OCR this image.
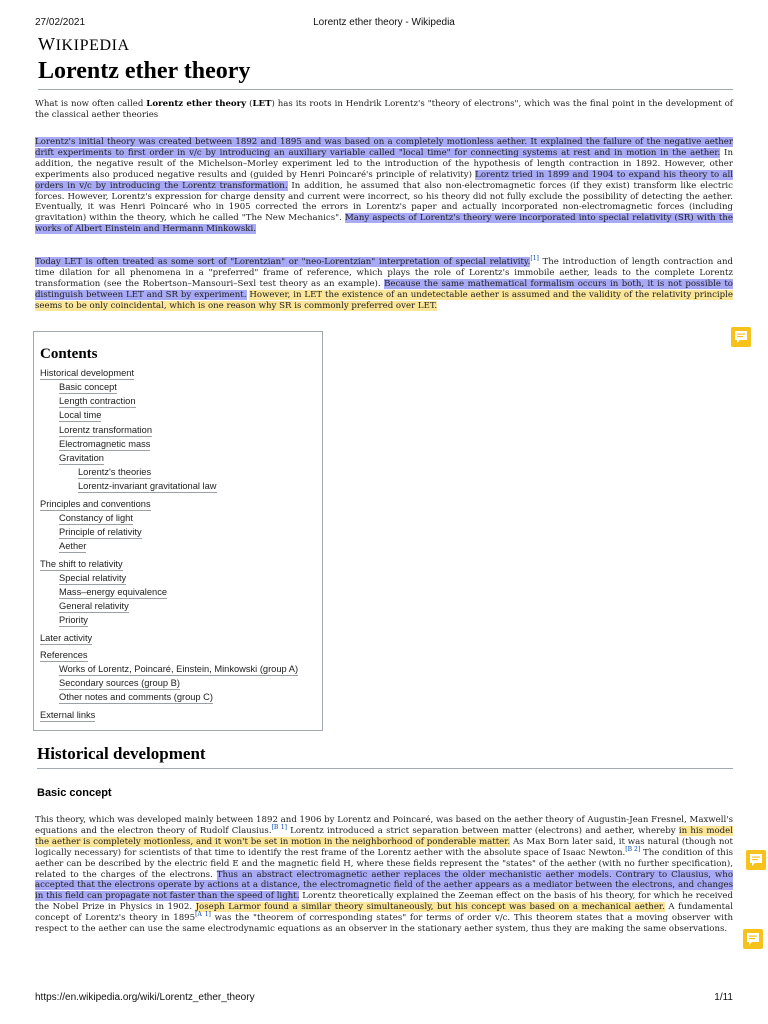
27/02/2021	Lorentz ether theory - Wikipedia
WIKIPEDIA
Lorentz ether theory
What is now often called Lorentz ether theory (LET) has its roots in Hendrik Lorentz's "theory of electrons", which was the final point in the development of the classical aether theories
Lorentz's initial theory was created between 1892 and 1895 and was based on a completely motionless aether. It explained the failure of the negative aether drift experiments to first order in v/c by introducing an auxiliary variable called "local time" for connecting systems at rest and in motion in the aether. In addition, the negative result of the Michelson–Morley experiment led to the introduction of the hypothesis of length contraction in 1892. However, other experiments also produced negative results and (guided by Henri Poincaré's principle of relativity) Lorentz tried in 1899 and 1904 to expand his theory to all orders in v/c by introducing the Lorentz transformation. In addition, he assumed that also non-electromagnetic forces (if they exist) transform like electric forces. However, Lorentz's expression for charge density and current were incorrect, so his theory did not fully exclude the possibility of detecting the aether. Eventually, it was Henri Poincaré who in 1905 corrected the errors in Lorentz's paper and actually incorporated non-electromagnetic forces (including gravitation) within the theory, which he called "The New Mechanics". Many aspects of Lorentz's theory were incorporated into special relativity (SR) with the works of Albert Einstein and Hermann Minkowski.
Today LET is often treated as some sort of "Lorentzian" or "neo-Lorentzian" interpretation of special relativity.[1] The introduction of length contraction and time dilation for all phenomena in a "preferred" frame of reference, which plays the role of Lorentz's immobile aether, leads to the complete Lorentz transformation (see the Robertson–Mansouri–Sexl test theory as an example). Because the same mathematical formalism occurs in both, it is not possible to distinguish between LET and SR by experiment. However, in LET the existence of an undetectable aether is assumed and the validity of the relativity principle seems to be only coincidental, which is one reason why SR is commonly preferred over LET.
Contents
Historical development
Basic concept
Length contraction
Local time
Lorentz transformation
Electromagnetic mass
Gravitation
Lorentz's theories
Lorentz-invariant gravitational law
Principles and conventions
Constancy of light
Principle of relativity
Aether
The shift to relativity
Special relativity
Mass–energy equivalence
General relativity
Priority
Later activity
References
Works of Lorentz, Poincaré, Einstein, Minkowski (group A)
Secondary sources (group B)
Other notes and comments (group C)
External links
Historical development
Basic concept
This theory, which was developed mainly between 1892 and 1906 by Lorentz and Poincaré, was based on the aether theory of Augustin-Jean Fresnel, Maxwell's equations and the electron theory of Rudolf Clausius.[B 1] Lorentz introduced a strict separation between matter (electrons) and aether, whereby in his model the aether is completely motionless, and it won't be set in motion in the neighborhood of ponderable matter. As Max Born later said, it was natural (though not logically necessary) for scientists of that time to identify the rest frame of the Lorentz aether with the absolute space of Isaac Newton.[B 2] The condition of this aether can be described by the electric field E and the magnetic field H, where these fields represent the "states" of the aether (with no further specification), related to the charges of the electrons. Thus an abstract electromagnetic aether replaces the older mechanistic aether models. Contrary to Clausius, who accepted that the electrons operate by actions at a distance, the electromagnetic field of the aether appears as a mediator between the electrons, and changes in this field can propagate not faster than the speed of light. Lorentz theoretically explained the Zeeman effect on the basis of his theory, for which he received the Nobel Prize in Physics in 1902. Joseph Larmor found a similar theory simultaneously, but his concept was based on a mechanical aether. A fundamental concept of Lorentz's theory in 1895[A 1] was the "theorem of corresponding states" for terms of order v/c. This theorem states that a moving observer with respect to the aether can use the same electrodynamic equations as an observer in the stationary aether system, thus they are making the same observations.
https://en.wikipedia.org/wiki/Lorentz_ether_theory	1/11
